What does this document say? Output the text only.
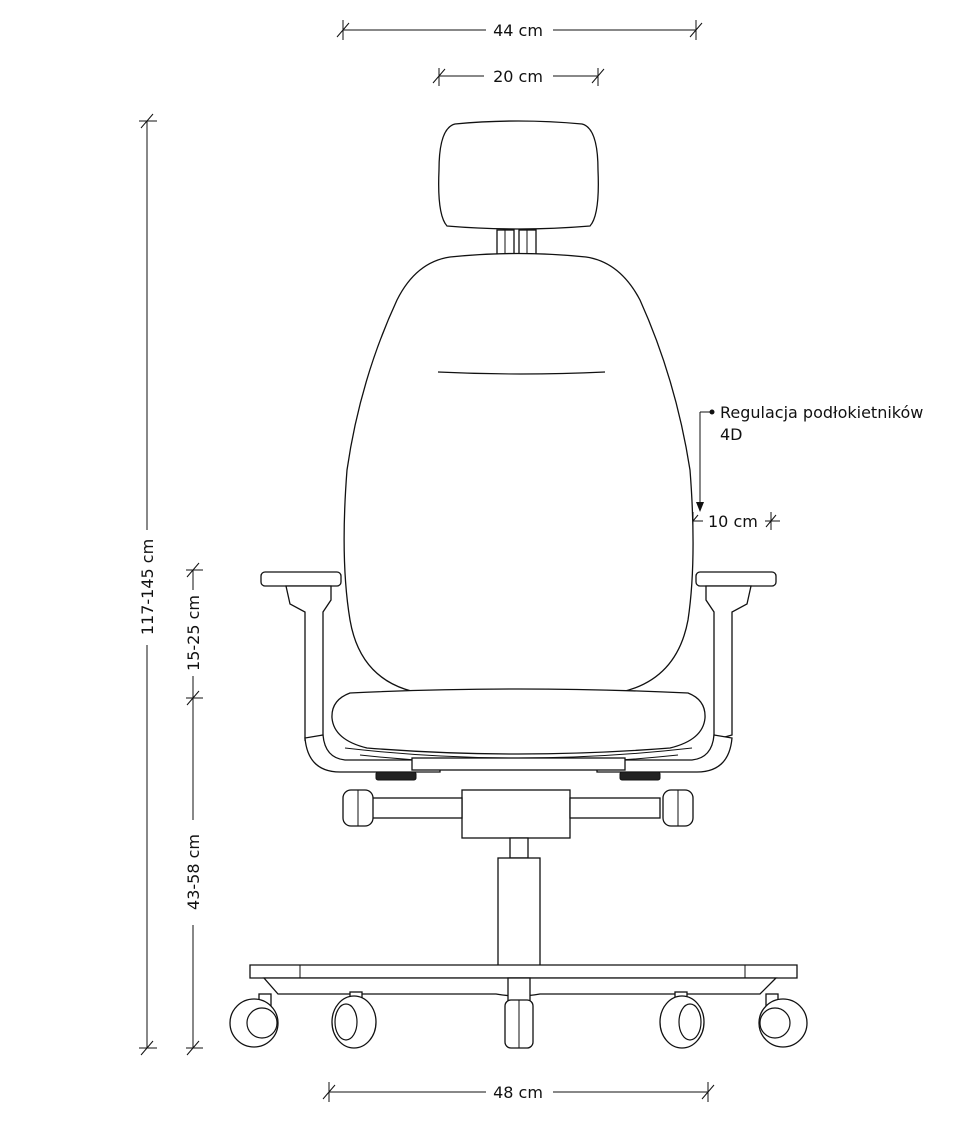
44 cm
20 cm
117-145 cm 15-25 cm
43-58 cm
48 cm
Regulacja podłokietników
4D
10 cm
